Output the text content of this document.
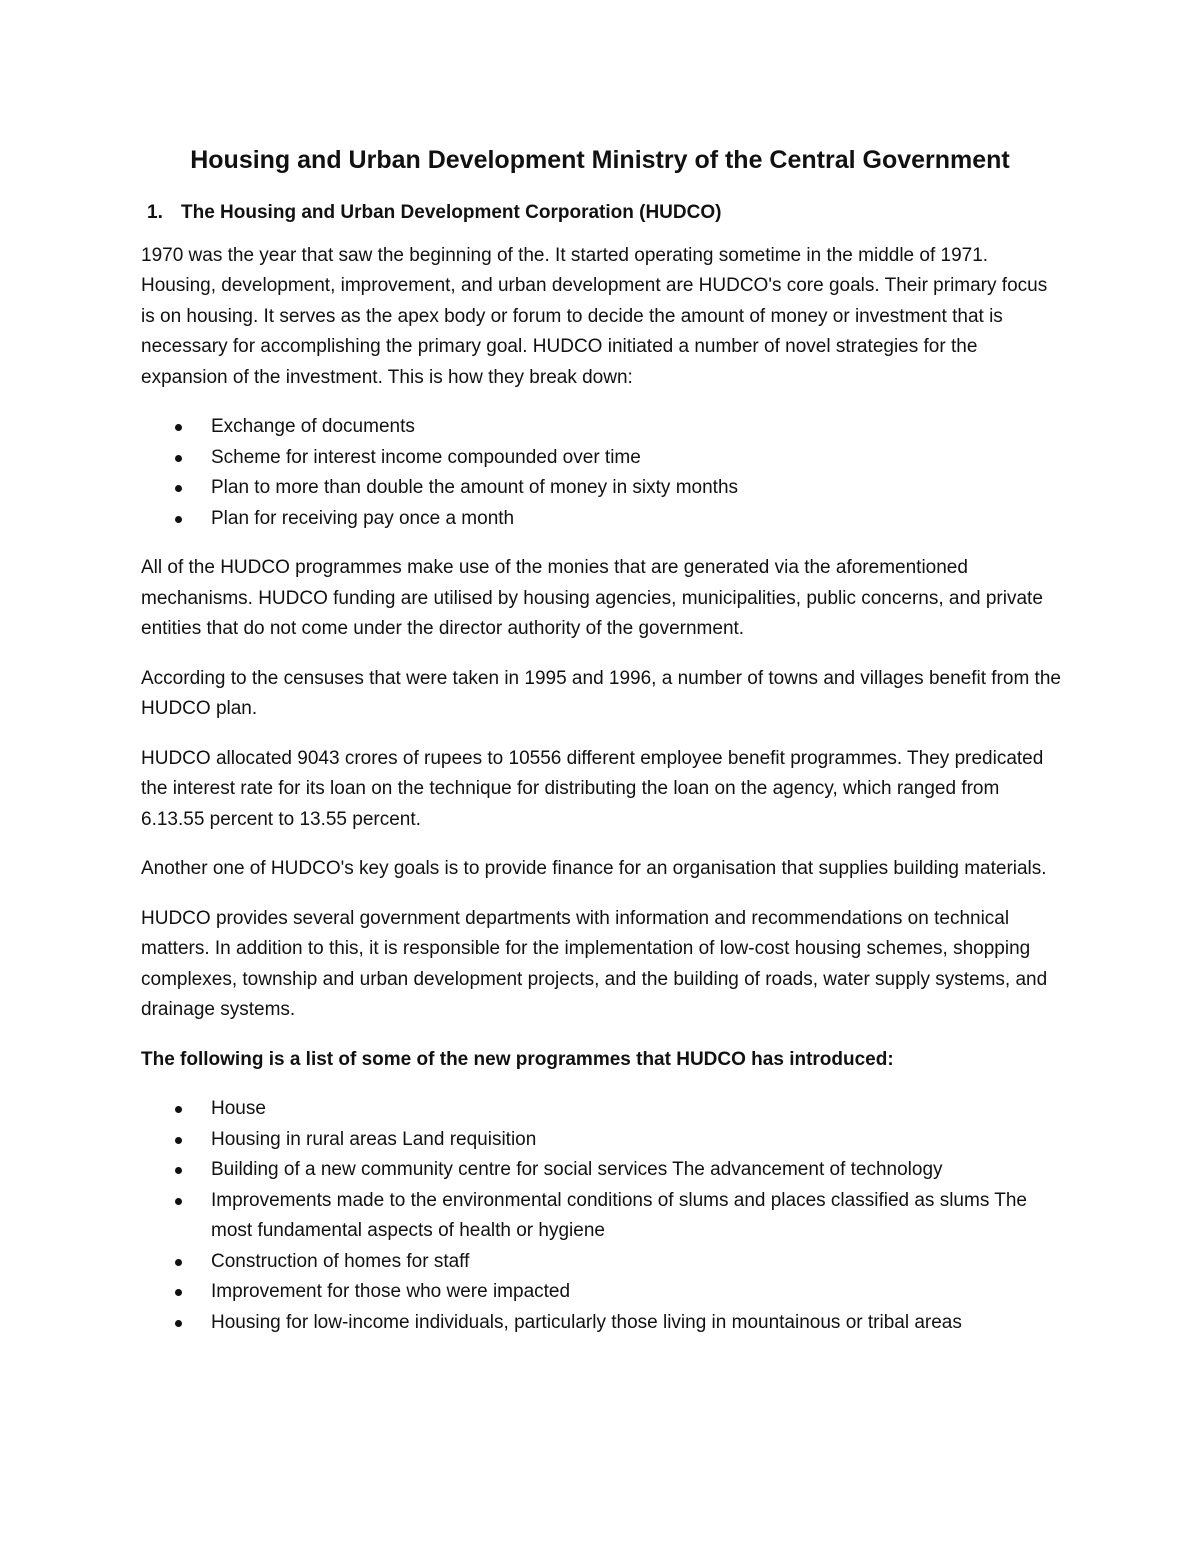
Housing and Urban Development Ministry of the Central Government
1. The Housing and Urban Development Corporation (HUDCO)

1970 was the year that saw the beginning of the. It started operating sometime in the middle of 1971. Housing, development, improvement, and urban development are HUDCO's core goals. Their primary focus is on housing. It serves as the apex body or forum to decide the amount of money or investment that is necessary for accomplishing the primary goal. HUDCO initiated a number of novel strategies for the expansion of the investment. This is how they break down:

Exchange of documents
Scheme for interest income compounded over time
Plan to more than double the amount of money in sixty months
Plan for receiving pay once a month

All of the HUDCO programmes make use of the monies that are generated via the aforementioned mechanisms. HUDCO funding are utilised by housing agencies, municipalities, public concerns, and private entities that do not come under the director authority of the government.

According to the censuses that were taken in 1995 and 1996, a number of towns and villages benefit from the HUDCO plan.

HUDCO allocated 9043 crores of rupees to 10556 different employee benefit programmes. They predicated the interest rate for its loan on the technique for distributing the loan on the agency, which ranged from 6.13.55 percent to 13.55 percent.

Another one of HUDCO's key goals is to provide finance for an organisation that supplies building materials.

HUDCO provides several government departments with information and recommendations on technical matters. In addition to this, it is responsible for the implementation of low-cost housing schemes, shopping complexes, township and urban development projects, and the building of roads, water supply systems, and drainage systems.

The following is a list of some of the new programmes that HUDCO has introduced:

House
Housing in rural areas Land requisition
Building of a new community centre for social services The advancement of technology
Improvements made to the environmental conditions of slums and places classified as slums The most fundamental aspects of health or hygiene
Construction of homes for staff
Improvement for those who were impacted
Housing for low-income individuals, particularly those living in mountainous or tribal areas
